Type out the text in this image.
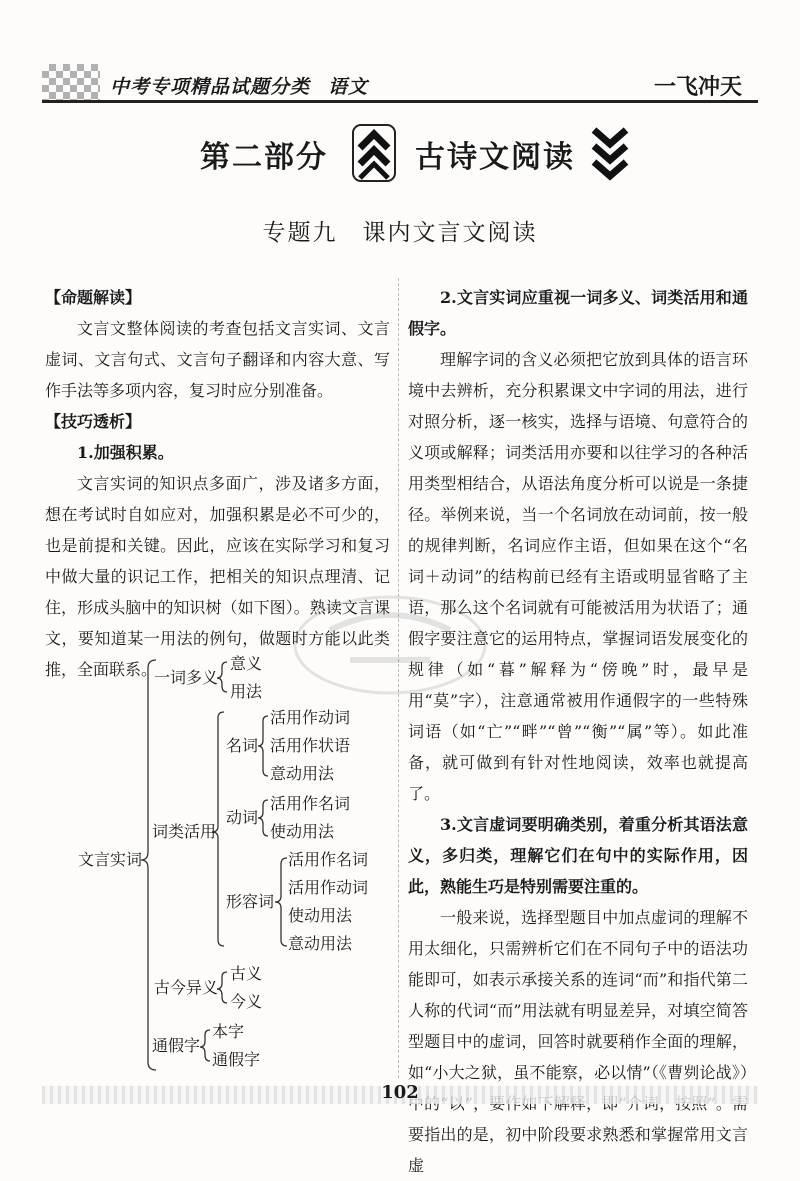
中考专项精品试题分类 语文	一飞冲天
第二部分	古诗文阅读
专题九　课内文言文阅读

【命题解读】

文言文整体阅读的考查包括文言实词、文言虚词、文言句式、文言句子翻译和内容大意、写作手法等多项内容，复习时应分别准备。

【技巧透析】

1.加强积累。

文言实词的知识点多面广，涉及诸多方面，想在考试时自如应对，加强积累是必不可少的，也是前提和关键。因此，应该在实际学习和复习中做大量的识记工作，把相关的知识点理清、记住，形成头脑中的知识树（如下图）。熟读文言课文，要知道某一用法的例句，做题时方能以此类推，全面联系。

文言实词
一词多义
意义
用法
词类活用
名词
活用作动词
活用作状语
意动用法
动词
活用作名词
使动用法
形容词
活用作名词
活用作动词
使动用法
意动用法
古今异义
古义
今义
通假字
本字
通假字

2.文言实词应重视一词多义、词类活用和通假字。

理解字词的含义必须把它放到具体的语言环境中去辨析，充分积累课文中字词的用法，进行对照分析，逐一核实，选择与语境、句意符合的义项或解释；词类活用亦要和以往学习的各种活用类型相结合，从语法角度分析可以说是一条捷径。举例来说，当一个名词放在动词前，按一般的规律判断，名词应作主语，但如果在这个“名词＋动词”的结构前已经有主语或明显省略了主语，那么这个名词就有可能被活用为状语了；通假字要注意它的运用特点，掌握词语发展变化的规律（如“暮”解释为“傍晚”时，最早是用“莫”字），注意通常被用作通假字的一些特殊词语（如“亡”“畔”“曾”“衡”“属”等）。如此准备，就可做到有针对性地阅读，效率也就提高了。

3.文言虚词要明确类别，着重分析其语法意义，多归类，理解它们在句中的实际作用，因此，熟能生巧是特别需要注重的。

一般来说，选择型题目中加点虚词的理解不用太细化，只需辨析它们在不同句子中的语法功能即可，如表示承接关系的连词“而”和指代第二人称的代词“而”用法就有明显差异，对填空简答型题目中的虚词，回答时就要稍作全面的理解，如“小大之狱，虽不能察，必以情”（《曹刿论战》） 要指出的是，初中阶段要求熟悉和掌握常用文言虚

102
